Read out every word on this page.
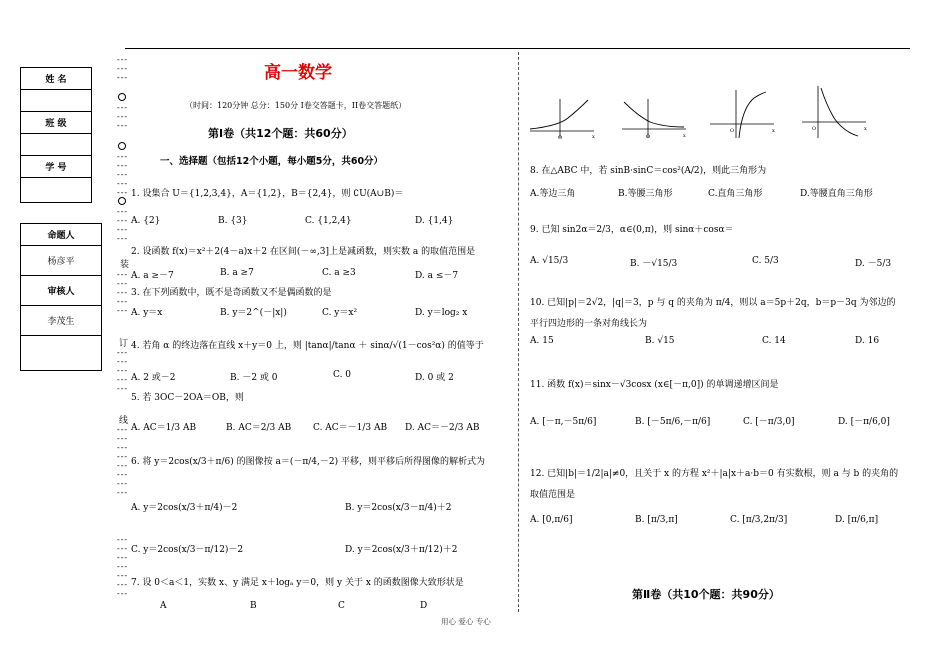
姓 名
班 级
学 号
命题人
杨彦平
审核人
李茂生
---
---
---
---
---
---
---
---
---
---
---
---
---
---
---
装
---
---
---
---
---
订
---
---
---
---
---
线
---
---
---
---
---
---
---
---
---
---
---
---
---
---
---
高一数学
（时间：120分钟 总分：150分 I卷交答题卡，II卷交答题纸）
第Ⅰ卷（共12个题：共60分）
一、选择题（包括12个小题，每小题5分，共60分）
1. 设集合 U＝{1,2,3,4}，A＝{1,2}，B＝{2,4}，则 ∁U(A∪B)＝
A. {2}	B. {3}	C. {1,2,4}	D. {1,4}
2. 设函数 f(x)＝x²＋2(4－a)x＋2 在区间(－∞,3]上是减函数，则实数 a 的取值范围是
A. a ≥－7	B. a ≥7	C. a ≥3	D. a ≤－7
3. 在下列函数中，既不是奇函数又不是偶函数的是
A. y＝x	B. y＝2^(－|x|)	C. y＝x²	D. y＝log₂ x
4. 若角 α 的终边落在直线 x＋y＝0 上，则 |tanα|/tanα ＋ sinα/√(1－cos²α) 的值等于
A. 2 或－2	B. －2 或 0	C. 0	D. 0 或 2
5. 若 3OC－2OA＝OB，则
A. AC＝1/3 AB	B. AC＝2/3 AB C. AC＝－1/3 AB D. AC＝－2/3 AB
6. 将 y＝2cos(x/3＋π/6) 的图像按 a＝(－π/4,－2) 平移，则平移后所得图像的解析式为
A. y＝2cos(x/3＋π/4)－2	B. y＝2cos(x/3－π/4)＋2
C. y＝2cos(x/3－π/12)－2	D. y＝2cos(x/3＋π/12)＋2
7. 设 0＜a＜1，实数 x、y 满足 x＋logₐ y＝0，则 y 关于 x 的函数图像大致形状是
A	B	C	D
O	x	O	x
O	x	O	x
8. 在△ABC 中，若 sinB·sinC＝cos²(A/2)，则此三角形为
A.等边三角	B.等腰三角形	C.直角三角形	D.等腰直角三角形
9. 已知 sin2α＝2/3，α∈(0,π)，则 sinα＋cosα＝
A. √15/3	B. －√15/3	C. 5/3	D. －5/3
10. 已知|p|＝2√2，|q|＝3，p 与 q 的夹角为 π/4，则以 a＝5p＋2q，b＝p－3q 为邻边的
平行四边形的一条对角线长为
A. 15	B. √15	C. 14	D. 16
11. 函数 f(x)＝sinx－√3cosx (x∈[－π,0]) 的单调递增区间是
A. [－π,－5π/6]	B. [－5π/6,－π/6]	C. [－π/3,0]	D. [－π/6,0]
12. 已知|b|＝1/2|a|≠0，且关于 x 的方程 x²＋|a|x＋a·b＝0 有实数根，则 a 与 b 的夹角的
取值范围是
A. [0,π/6]	B. [π/3,π]	C. [π/3,2π/3]	D. [π/6,π]
第Ⅱ卷（共10个题：共90分）
用心 爱心 专心
